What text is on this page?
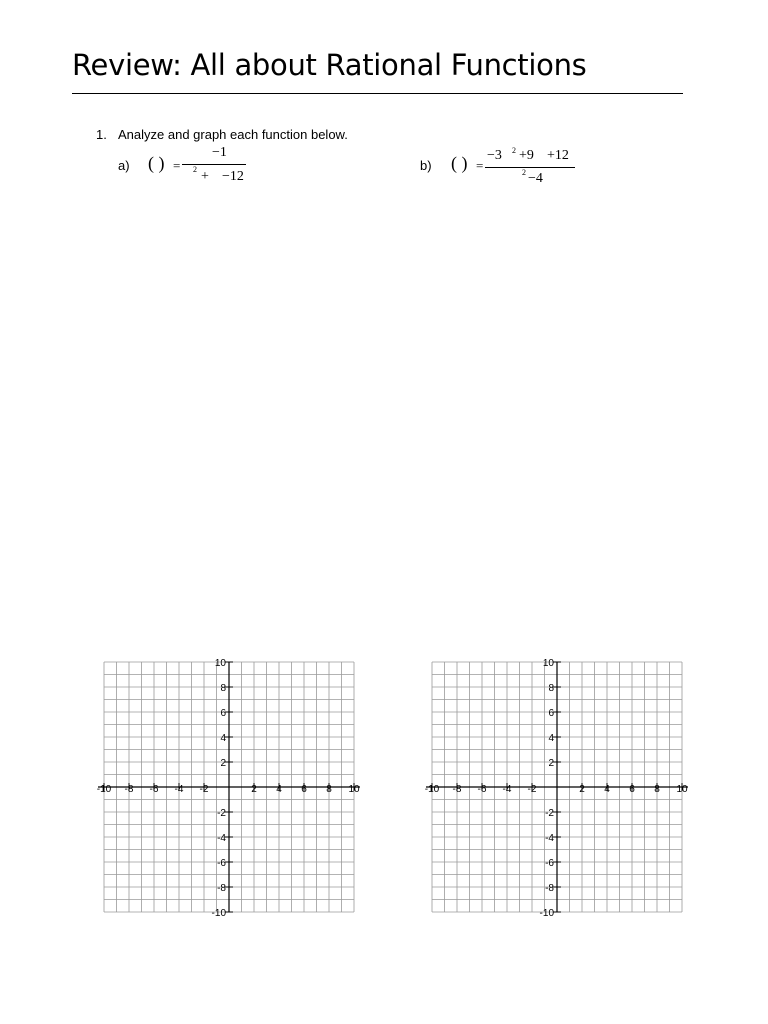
Review: All about Rational Functions
1. Analyze and graph each function below.
a) ( ) =
−1
2 + −12
b) ( ) =
−3 2 +9 +12
2 −4
-10 -8 -6 -4 -2	2 4 6 8 10
10
8
6
4
2
-2
-4
-6
-8
-10
-10 -8 -6 -4 -2	2 4 6 8 10
10
8
6
4
2
-2
-4
-6
-8
-10
